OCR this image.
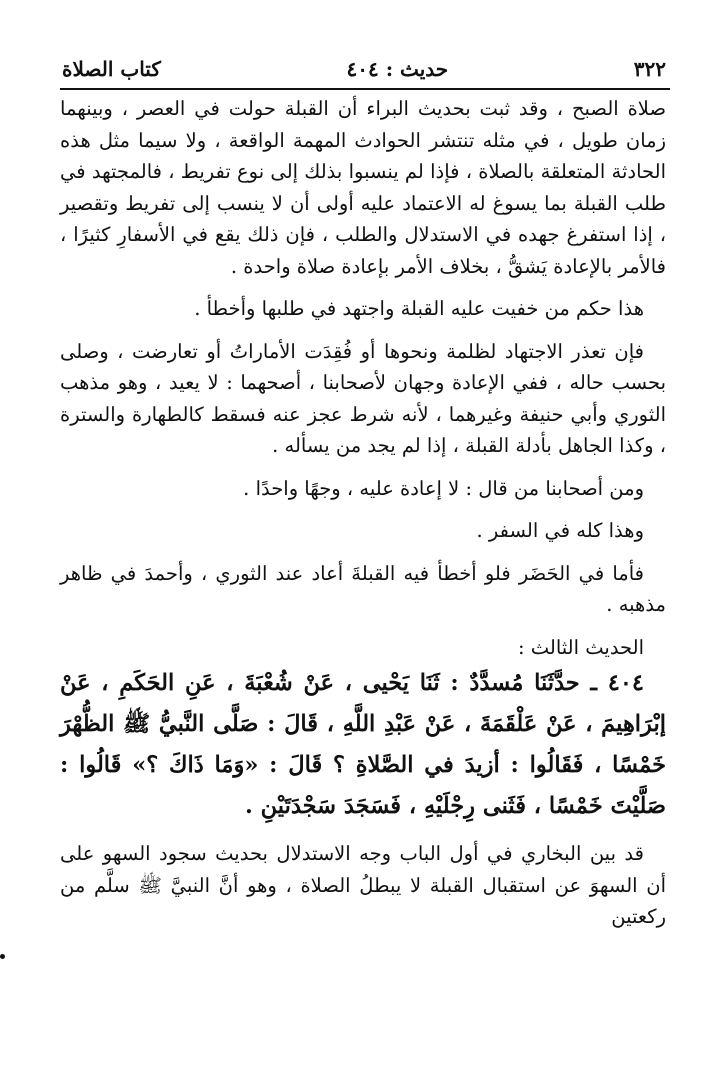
٣٢٢
حديث : ٤٠٤
كتاب الصلاة

صلاة الصبح ، وقد ثبت بحديث البراء أن القبلة حولت في العصر ، وبينهما زمان طويل ، في مثله تنتشر الحوادث المهمة الواقعة ، ولا سيما مثل هذه الحادثة المتعلقة بالصلاة ، فإذا لم ينسبوا بذلك إلى نوع تفريط ، فالمجتهد في طلب القبلة بما يسوغ له الاعتماد عليه أولى أن لا ينسب إلى تفريط وتقصير ، إذا استفرغ جهده في الاستدلال والطلب ، فإن ذلك يقع في الأسفارِ كثيرًا ، فالأمر بالإعادة يَشقُّ ، بخلاف الأمر بإعادة صلاة واحدة .

هذا حكم من خفيت عليه القبلة واجتهد في طلبها وأخطأ .

فإن تعذر الاجتهاد لظلمة ونحوها أو فُقِدَت الأماراتُ أو تعارضت ، وصلى بحسب حاله ، ففي الإعادة وجهان لأصحابنا ، أصحهما : لا يعيد ، وهو مذهب الثوري وأبي حنيفة وغيرهما ، لأنه شرط عجز عنه فسقط كالطهارة والسترة ، وكذا الجاهل بأدلة القبلة ، إذا لم يجد من يسأله .

ومن أصحابنا من قال : لا إعادة عليه ، وجهًا واحدًا .

وهذا كله في السفر .

فأما في الحَضَر فلو أخطأ فيه القبلةَ أعاد عند الثوري ، وأحمدَ في ظاهر مذهبه .

الحديث الثالث :

٤٠٤ ـ حدَّثَنَا مُسدَّدٌ : ثَنَا يَحْيى ، عَنْ شُعْبَةَ ، عَنِ الحَكَمِ ، عَنْ إبْرَاهِيمَ ، عَنْ عَلْقَمَةَ ، عَنْ عَبْدِ اللَّهِ ، قَالَ : صَلَّى النَّبيُّ ﷺ الظُّهْرَ خَمْسًا ، فَقَالُوا : أزيدَ في الصَّلاةِ ؟ قَالَ : «وَمَا ذَاكَ ؟» قَالُوا : صَلَّيْتَ خَمْسًا ، فَثَنى رِجْلَيْهِ ، فَسَجَدَ سَجْدَتَيْنِ .

قد بين البخاري في أول الباب وجه الاستدلال بحديث سجود السهو على أن السهوَ عن استقبال القبلة لا يبطلُ الصلاة ، وهو أنَّ النبيَّ ﷺ سلَّم من ركعتين
